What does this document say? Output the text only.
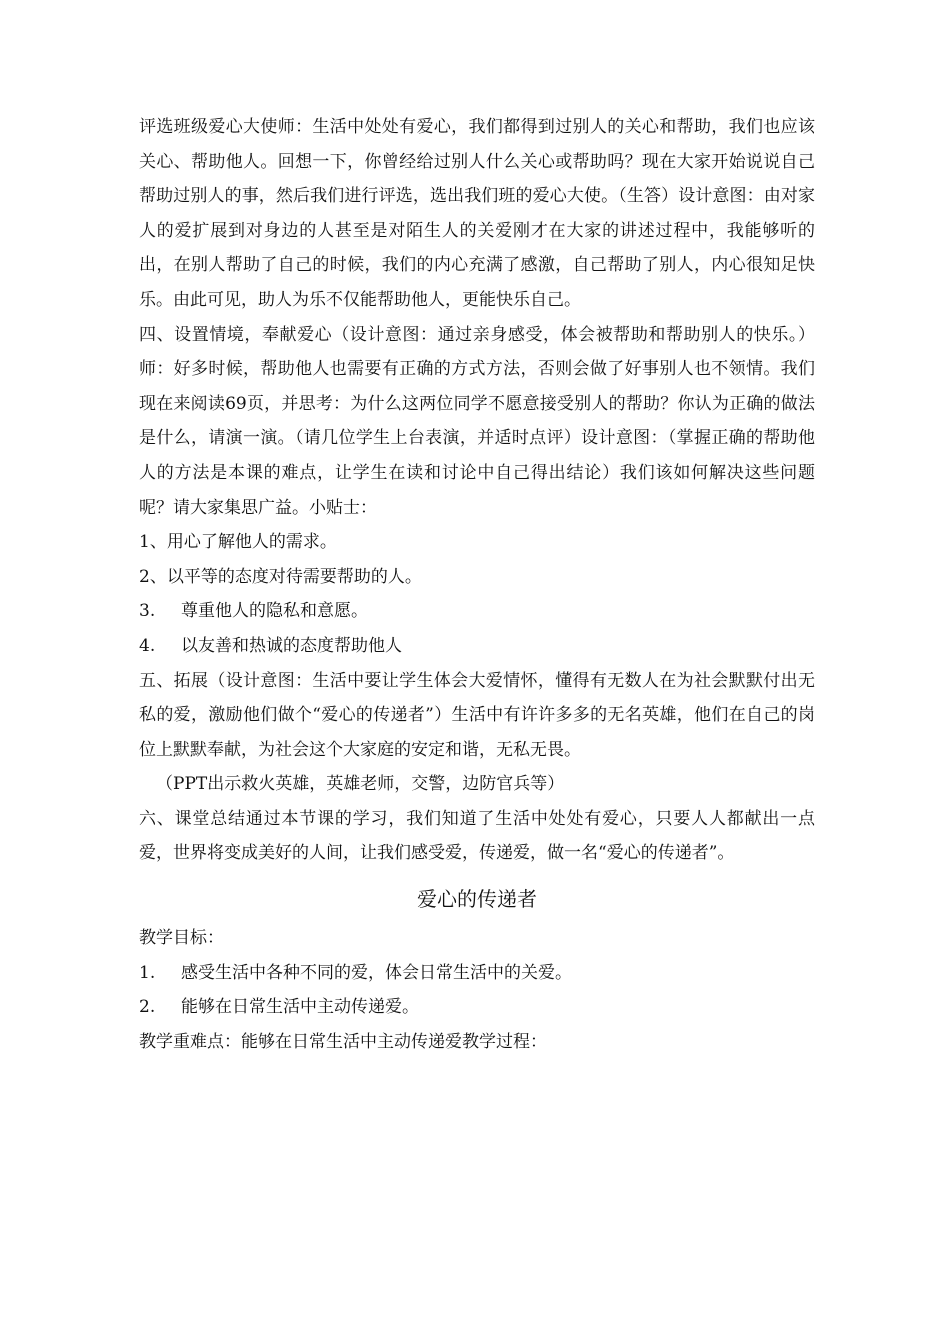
评选班级爱心大使师：生活中处处有爱心，我们都得到过别人的关心和帮助，我们也应该关心、帮助他人。回想一下，你曾经给过别人什么关心或帮助吗？现在大家开始说说自己帮助过别人的事，然后我们进行评选，选出我们班的爱心大使。（生答）设计意图：由对家人的爱扩展到对身边的人甚至是对陌生人的关爱刚才在大家的讲述过程中，我能够听的出，在别人帮助了自己的时候，我们的内心充满了感激，自己帮助了别人，内心很知足快乐。由此可见，助人为乐不仅能帮助他人，更能快乐自己。

四、设置情境，奉献爱心（设计意图：通过亲身感受，体会被帮助和帮助别人的快乐。）师：好多时候，帮助他人也需要有正确的方式方法，否则会做了好事别人也不领情。我们现在来阅读69页，并思考：为什么这两位同学不愿意接受别人的帮助？你认为正确的做法是什么，请演一演。（请几位学生上台表演，并适时点评）设计意图：（掌握正确的帮助他人的方法是本课的难点，让学生在读和讨论中自己得出结论）我们该如何解决这些问题呢？请大家集思广益。小贴士：

1、 用心了解他人的需求。
2、 以平等的态度对待需要帮助的人。
3.	尊重他人的隐私和意愿。
4.	以友善和热诚的态度帮助他人

五、拓展（设计意图：生活中要让学生体会大爱情怀，懂得有无数人在为社会默默付出无私的爱，激励他们做个“爱心的传递者”）生活中有许许多多的无名英雄，他们在自己的岗位上默默奉献，为社会这个大家庭的安定和谐，无私无畏。

（PPT出示救火英雄，英雄老师，交警，边防官兵等）

六、课堂总结通过本节课的学习，我们知道了生活中处处有爱心，只要人人都献出一点爱，世界将变成美好的人间，让我们感受爱，传递爱，做一名“爱心的传递者”。

爱心的传递者

教学目标：

1.	感受生活中各种不同的爱，体会日常生活中的关爱。
2.	能够在日常生活中主动传递爱。

教学重难点：能够在日常生活中主动传递爱教学过程：
